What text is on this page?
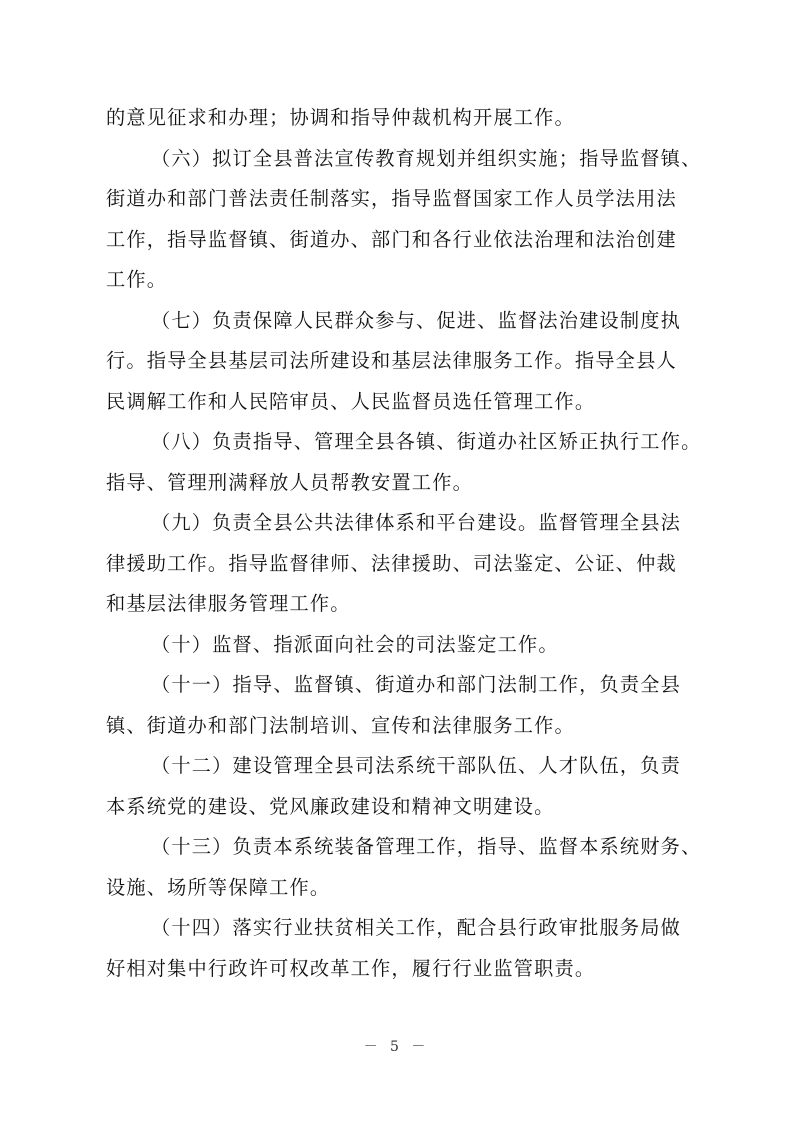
的意见征求和办理；协调和指导仲裁机构开展工作。
（六）拟订全县普法宣传教育规划并组织实施；指导监督镇、
街道办和部门普法责任制落实，指导监督国家工作人员学法用法
工作，指导监督镇、街道办、部门和各行业依法治理和法治创建
工作。
（七）负责保障人民群众参与、促进、监督法治建设制度执
行。指导全县基层司法所建设和基层法律服务工作。指导全县人
民调解工作和人民陪审员、人民监督员选任管理工作。
（八）负责指导、管理全县各镇、街道办社区矫正执行工作。
指导、管理刑满释放人员帮教安置工作。
（九）负责全县公共法律体系和平台建设。监督管理全县法
律援助工作。指导监督律师、法律援助、司法鉴定、公证、仲裁
和基层法律服务管理工作。
（十）监督、指派面向社会的司法鉴定工作。
（十一）指导、监督镇、街道办和部门法制工作，负责全县
镇、街道办和部门法制培训、宣传和法律服务工作。
（十二）建设管理全县司法系统干部队伍、人才队伍，负责
本系统党的建设、党风廉政建设和精神文明建设。
（十三）负责本系统装备管理工作，指导、监督本系统财务、
设施、场所等保障工作。
（十四）落实行业扶贫相关工作，配合县行政审批服务局做
好相对集中行政许可权改革工作，履行行业监管职责。
－ 5 －
